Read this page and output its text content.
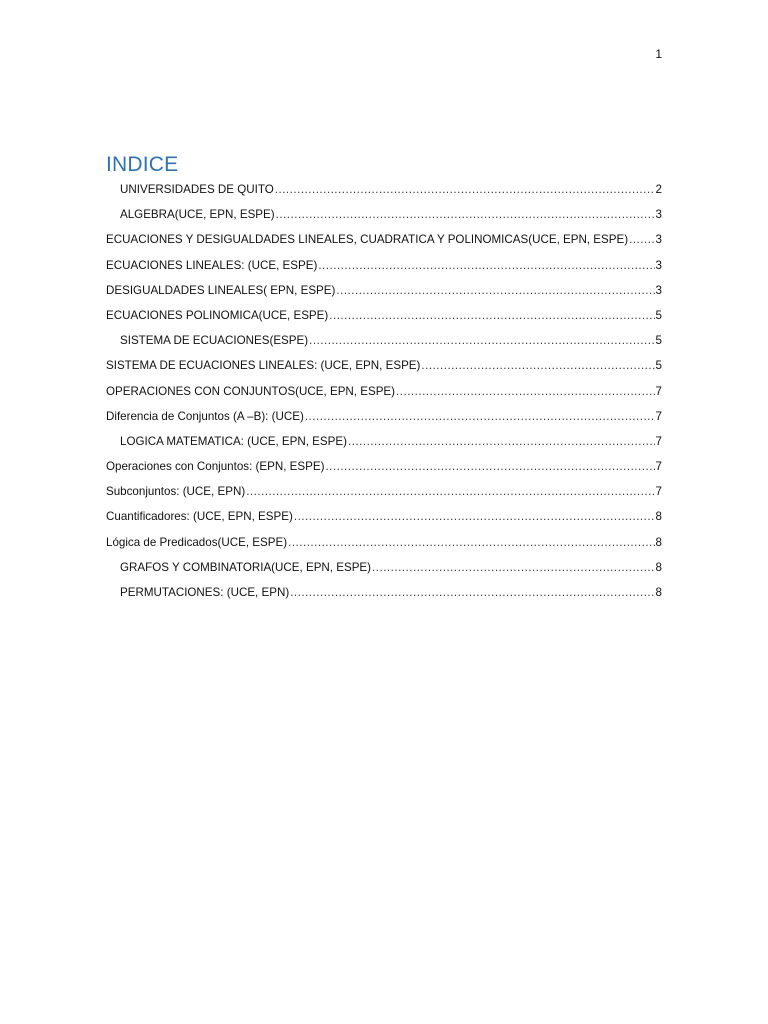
1
INDICE
UNIVERSIDADES DE QUITO .....	2
ALGEBRA(UCE, EPN, ESPE) .....	3
ECUACIONES Y DESIGUALDADES LINEALES, CUADRATICA Y POLINOMICAS(UCE, EPN, ESPE) ..... 3
ECUACIONES LINEALES: (UCE, ESPE) .....	3
DESIGUALDADES LINEALES( EPN, ESPE) .....	3
ECUACIONES POLINOMICA(UCE, ESPE) .....	5
SISTEMA DE ECUACIONES(ESPE) .....	5
SISTEMA DE ECUACIONES LINEALES: (UCE, EPN, ESPE) .....	5
OPERACIONES CON CONJUNTOS(UCE, EPN, ESPE) .....	7
Diferencia de Conjuntos (A –B): (UCE) .....	7
LOGICA MATEMATICA: (UCE, EPN, ESPE) .....	7
Operaciones con Conjuntos: (EPN, ESPE) .....	7
Subconjuntos: (UCE, EPN) .....	7
Cuantificadores: (UCE, EPN, ESPE) .....	8
Lógica de Predicados(UCE, ESPE) .....	8
GRAFOS Y COMBINATORIA(UCE, EPN, ESPE) .....	8
PERMUTACIONES: (UCE, EPN) .....	8
